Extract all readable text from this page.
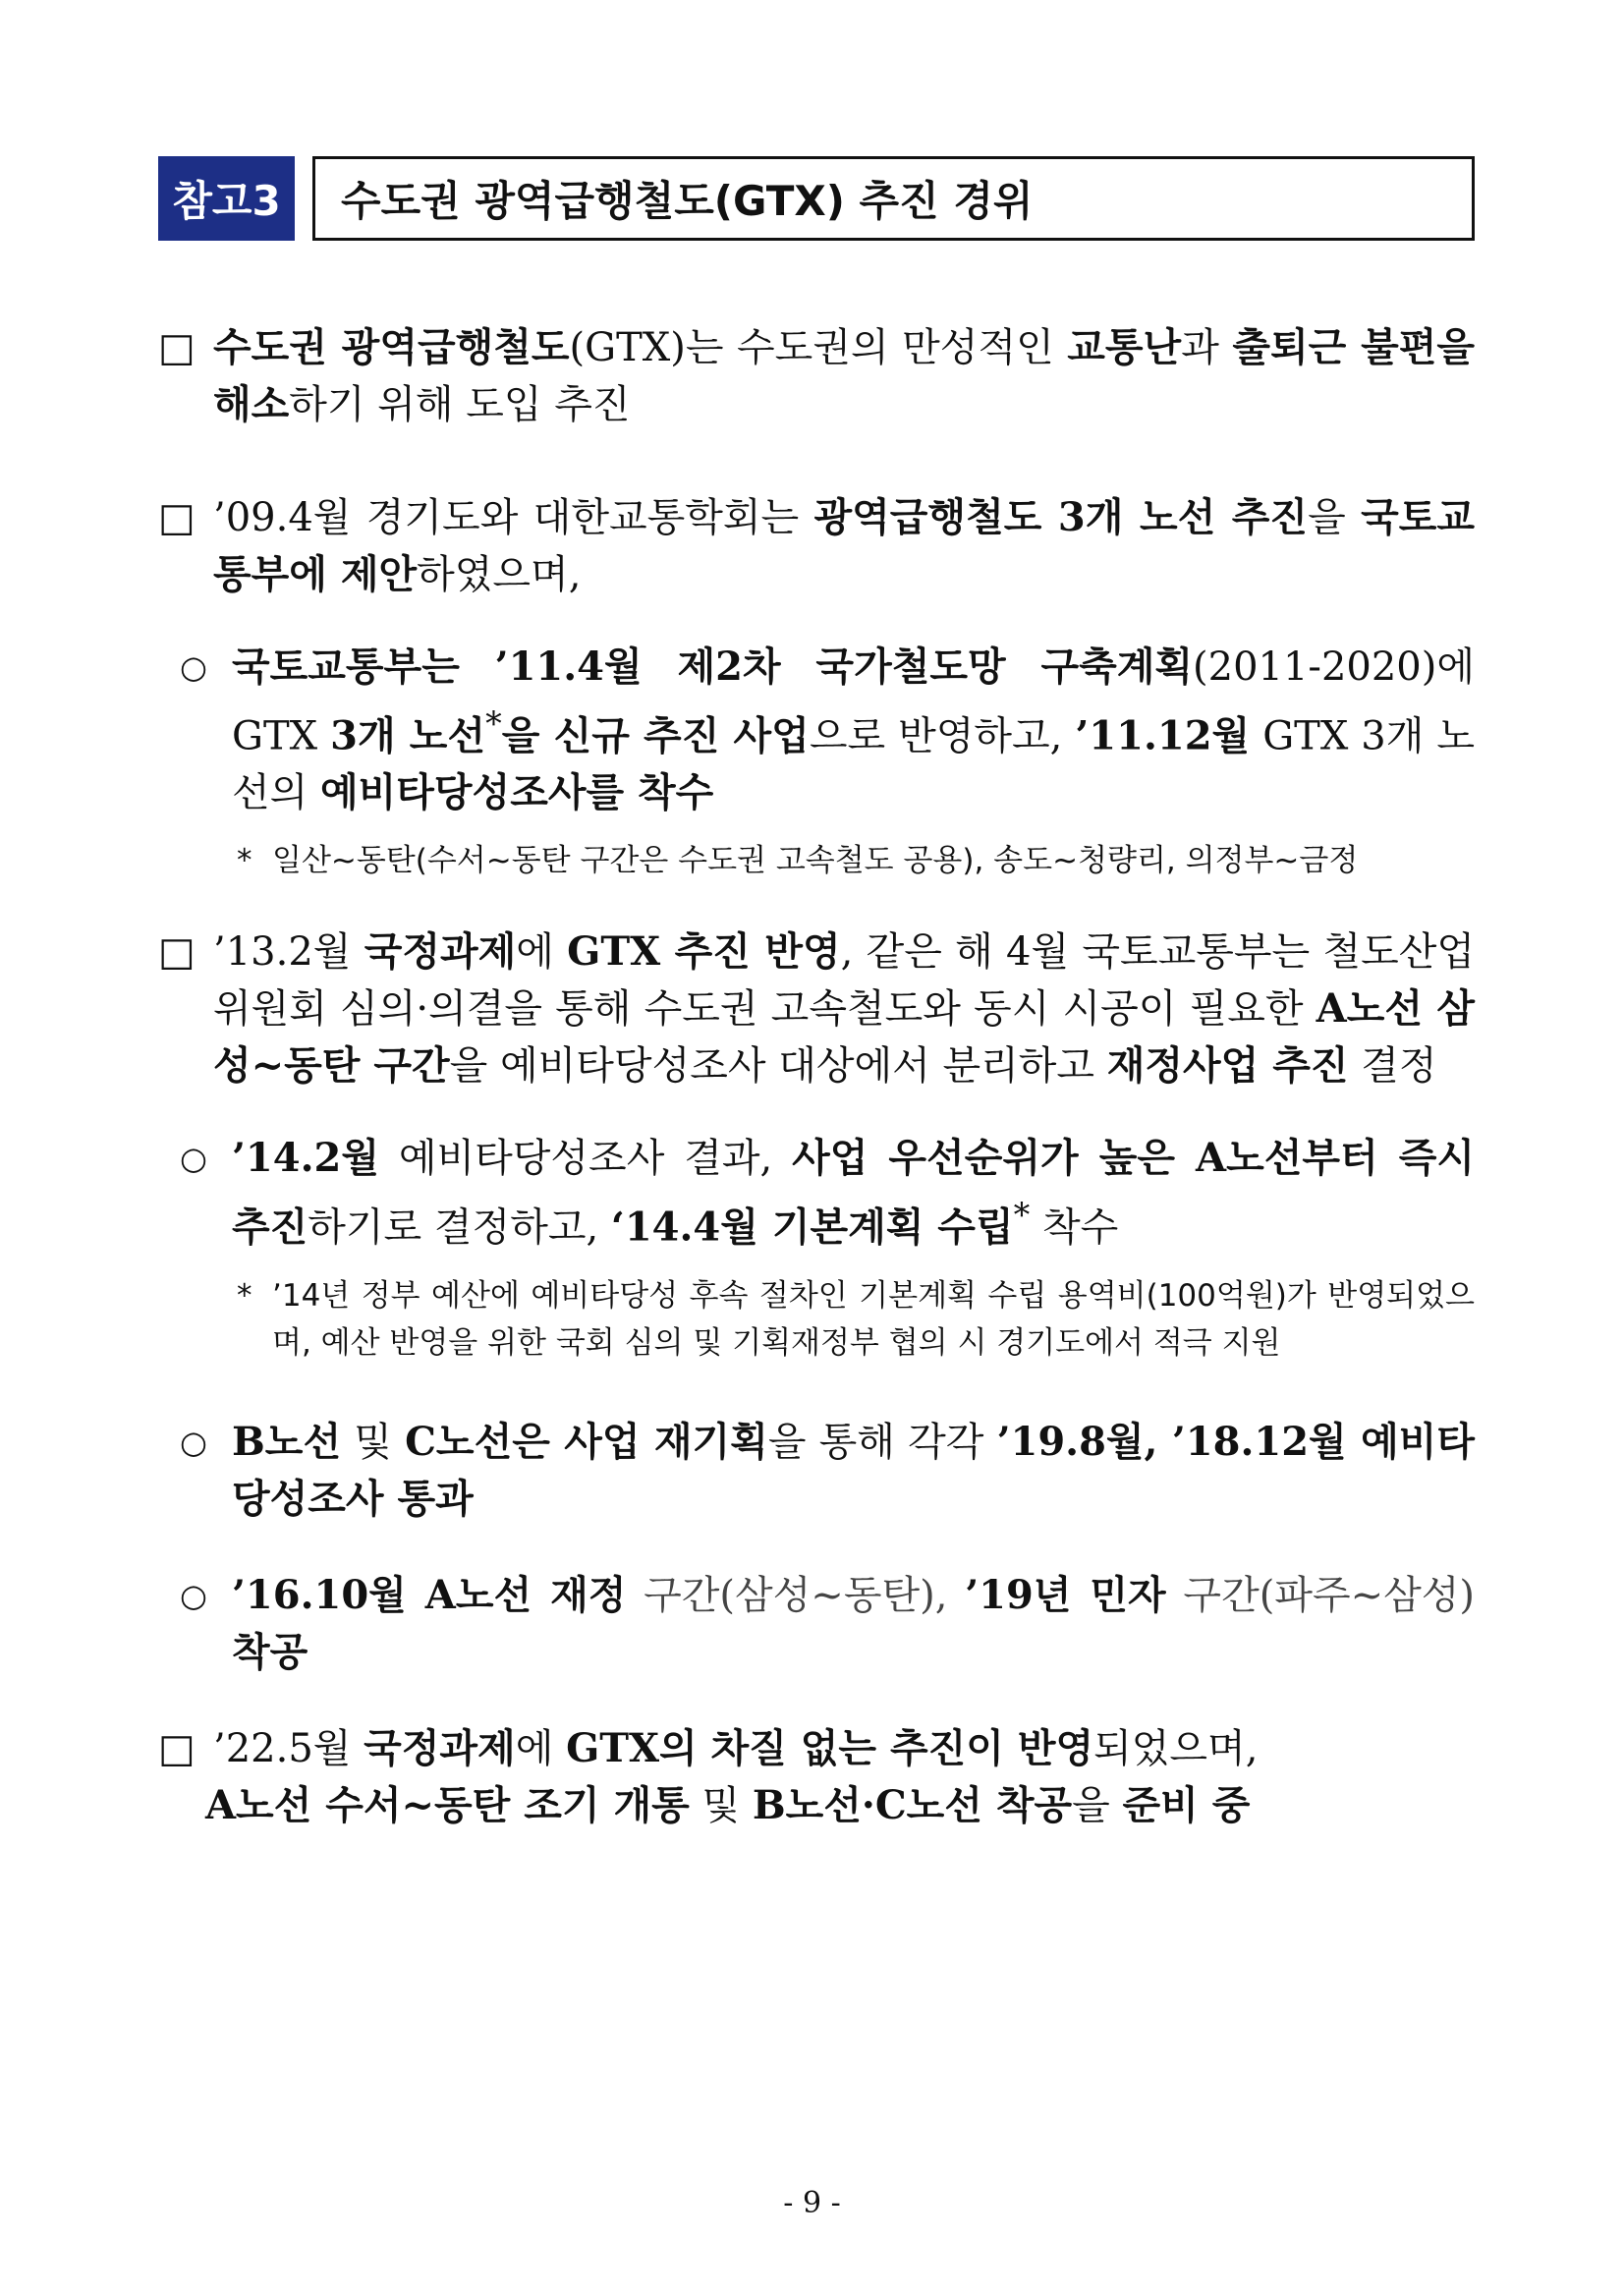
참고3	수도권 광역급행철도(GTX) 추진 경위
□ 수도권 광역급행철도(GTX)는 수도권의 만성적인 교통난과 출퇴근 불편을 해소하기 위해 도입 추진
□ ’09.4월 경기도와 대한교통학회는 광역급행철도 3개 노선 추진을 국토교통부에 제안하였으며,
○ 국토교통부는 ’11.4월 제2차 국가철도망 구축계획(2011-2020)에 GTX 3개 노선*을 신규 추진 사업으로 반영하고, ’11.12월 GTX 3개 노선의 예비타당성조사를 착수
* 일산~동탄(수서~동탄 구간은 수도권 고속철도 공용), 송도~청량리, 의정부~금정
□ ’13.2월 국정과제에 GTX 추진 반영, 같은 해 4월 국토교통부는 철도산업위원회 심의·의결을 통해 수도권 고속철도와 동시 시공이 필요한 A노선 삼성~동탄 구간을 예비타당성조사 대상에서 분리하고 재정사업 추진 결정
○ ’14.2월 예비타당성조사 결과, 사업 우선순위가 높은 A노선부터 즉시 추진하기로 결정하고, ‘14.4월 기본계획 수립* 착수
* ’14년 정부 예산에 예비타당성 후속 절차인 기본계획 수립 용역비(100억원)가 반영되었으며, 예산 반영을 위한 국회 심의 및 기획재정부 협의 시 경기도에서 적극 지원
○ B노선 및 C노선은 사업 재기획을 통해 각각 ’19.8월, ’18.12월 예비타당성조사 통과
○ ’16.10월 A노선 재정 구간(삼성~동탄), ’19년 민자 구간(파주~삼성) 착공
□ ’22.5월 국정과제에 GTX의 차질 없는 추진이 반영되었으며,
A노선 수서~동탄 조기 개통 및 B노선·C노선 착공을 준비 중
- 9 -
